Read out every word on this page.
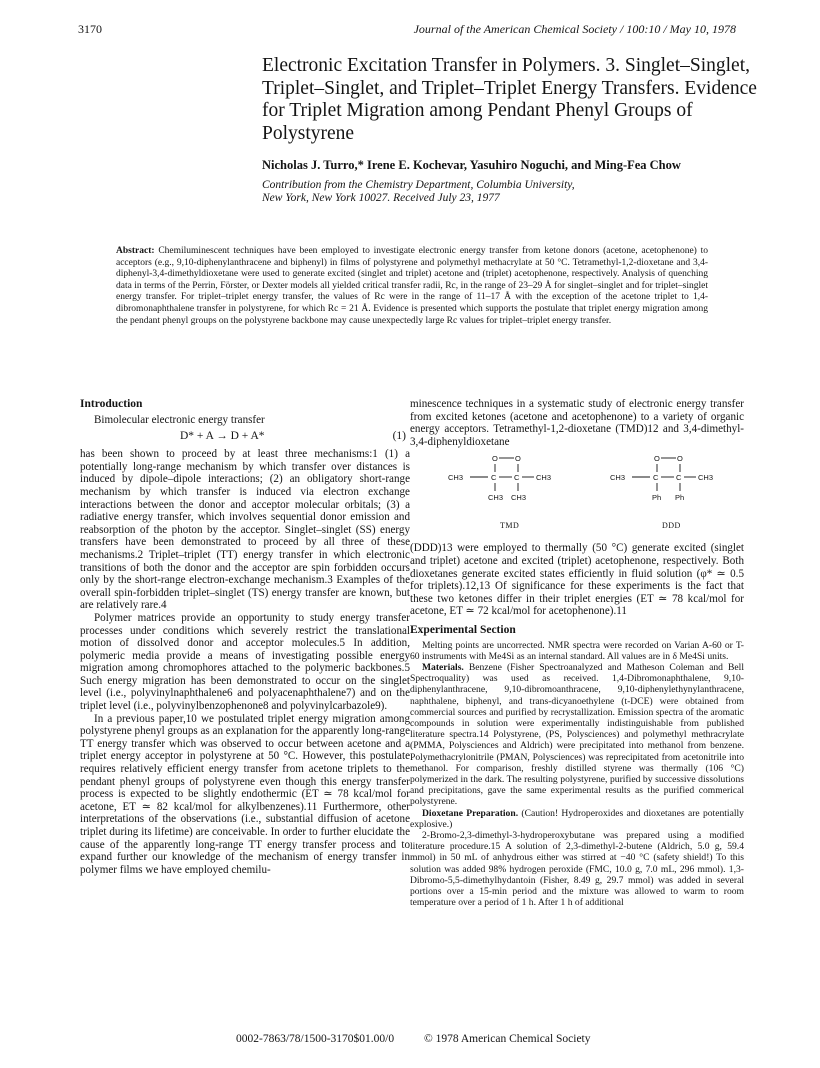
3170	Journal of the American Chemical Society / 100:10 / May 10, 1978
Electronic Excitation Transfer in Polymers. 3. Singlet–Singlet, Triplet–Singlet, and Triplet–Triplet Energy Transfers. Evidence for Triplet Migration among Pendant Phenyl Groups of Polystyrene
Nicholas J. Turro,* Irene E. Kochevar, Yasuhiro Noguchi, and Ming-Fea Chow
Contribution from the Chemistry Department, Columbia University,
New York, New York 10027. Received July 23, 1977
Abstract: Chemiluminescent techniques have been employed to investigate electronic energy transfer from ketone donors (acetone, acetophenone) to acceptors (e.g., 9,10-diphenylanthracene and biphenyl) in films of polystyrene and polymethyl methacrylate at 50 °C. Tetramethyl-1,2-dioxetane and 3,4-diphenyl-3,4-dimethyldioxetane were used to generate excited (singlet and triplet) acetone and (triplet) acetophenone, respectively. Analysis of quenching data in terms of the Perrin, Förster, or Dexter models all yielded critical transfer radii, Rc, in the range of 23–29 Å for singlet–singlet and for triplet–singlet energy transfer. For triplet–triplet energy transfer, the values of Rc were in the range of 11–17 Å with the exception of the acetone triplet to 1,4-dibromonaphthalene transfer in polystyrene, for which Rc = 21 Å. Evidence is presented which supports the postulate that triplet energy migration among the pendant phenyl groups on the polystyrene backbone may cause unexpectedly large Rc values for triplet–triplet energy transfer.
Introduction

Bimolecular electronic energy transfer

D* + A → D + A*	(1)

has been shown to proceed by at least three mechanisms:1 (1) a potentially long-range mechanism by which transfer over distances is induced by dipole–dipole interactions; (2) an obligatory short-range mechanism by which transfer is induced via electron exchange interactions between the donor and acceptor molecular orbitals; (3) a radiative energy transfer, which involves sequential donor emission and reabsorption of the photon by the acceptor. Singlet–singlet (SS) energy transfers have been demonstrated to proceed by all three of these mechanisms.2 Triplet–triplet (TT) energy transfer in which electronic transitions of both the donor and the acceptor are spin forbidden occurs only by the short-range electron-exchange mechanism.3 Examples of the overall spin-forbidden triplet–singlet (TS) energy transfer are known, but are relatively rare.4

Polymer matrices provide an opportunity to study energy transfer processes under conditions which severely restrict the translational motion of dissolved donor and acceptor molecules.5 In addition, polymeric media provide a means of investigating possible energy migration among chromophores attached to the polymeric backbones.5 Such energy migration has been demonstrated to occur on the singlet level (i.e., polyvinylnaphthalene6 and polyacenaphthalene7) and on the triplet level (i.e., polyvinylbenzophenone8 and polyvinylcarbazole9).

In a previous paper,10 we postulated triplet energy migration among polystyrene phenyl groups as an explanation for the apparently long-range TT energy transfer which was observed to occur between acetone and a triplet energy acceptor in polystyrene at 50 °C. However, this postulate requires relatively efficient energy transfer from acetone triplets to the pendant phenyl groups of polystyrene even though this energy transfer process is expected to be slightly endothermic (ET ≃ 78 kcal/mol for acetone, ET ≃ 82 kcal/mol for alkylbenzenes).11 Furthermore, other interpretations of the observations (i.e., substantial diffusion of acetone triplet during its lifetime) are conceivable. In order to further elucidate the cause of the apparently long-range TT energy transfer process and to expand further our knowledge of the mechanism of energy transfer in polymer films we have employed chemilu-

minescence techniques in a systematic study of electronic energy transfer from excited ketones (acetone and acetophenone) to a variety of organic energy acceptors. Tetramethyl-1,2-dioxetane (TMD)12 and 3,4-dimethyl-3,4-diphenyldioxetane

O O
CH3	C C CH3
CH3 CH3
TMD
O O
CH3	C C CH3
Ph Ph
DDD

(DDD)13 were employed to thermally (50 °C) generate excited (singlet and triplet) acetone and excited (triplet) acetophenone, respectively. Both dioxetanes generate excited states efficiently in fluid solution (φ* ≃ 0.5 for triplets).12,13 Of significance for these experiments is the fact that these two ketones differ in their triplet energies (ET ≃ 78 kcal/mol for acetone, ET ≃ 72 kcal/mol for acetophenone).11

Experimental Section

Melting points are uncorrected. NMR spectra were recorded on Varian A-60 or T-60 instruments with Me4Si as an internal standard. All values are in δ Me4Si units.

Materials. Benzene (Fisher Spectroanalyzed and Matheson Coleman and Bell Spectroquality) was used as received. 1,4-Dibromonaphthalene, 9,10-diphenylanthracene, 9,10-dibromoanthracene, 9,10-diphenylethynylanthracene, naphthalene, biphenyl, and trans-dicyanoethylene (t-DCE) were obtained from commercial sources and purified by recrystallization. Emission spectra of the aromatic compounds in solution were experimentally indistinguishable from published literature spectra.14 Polystyrene, (PS, Polysciences) and polymethyl methracrylate (PMMA, Polysciences and Aldrich) were precipitated into methanol from benzene. Polymethacrylonitrile (PMAN, Polysciences) was reprecipitated from acetonitrile into methanol. For comparison, freshly distilled styrene was thermally (106 °C) polymerized in the dark. The resulting polystyrene, purified by successive dissolutions and precipitations, gave the same experimental results as the purified commerical polystyrene.

Dioxetane Preparation. (Caution! Hydroperoxides and dioxetanes are potentially explosive.)

2-Bromo-2,3-dimethyl-3-hydroperoxybutane was prepared using a modified literature procedure.15 A solution of 2,3-dimethyl-2-butene (Aldrich, 5.0 g, 59.4 mmol) in 50 mL of anhydrous either was stirred at −40 °C (safety shield!) To this solution was added 98% hydrogen peroxide (FMC, 10.0 g, 7.0 mL, 296 mmol). 1,3-Dibromo-5,5-dimethylhydantoin (Fisher, 8.49 g, 29.7 mmol) was added in several portions over a 15-min period and the mixture was allowed to warm to room temperature over a period of 1 h. After 1 h of additional

0002-7863/78/1500-3170$01.00/0	© 1978 American Chemical Society
